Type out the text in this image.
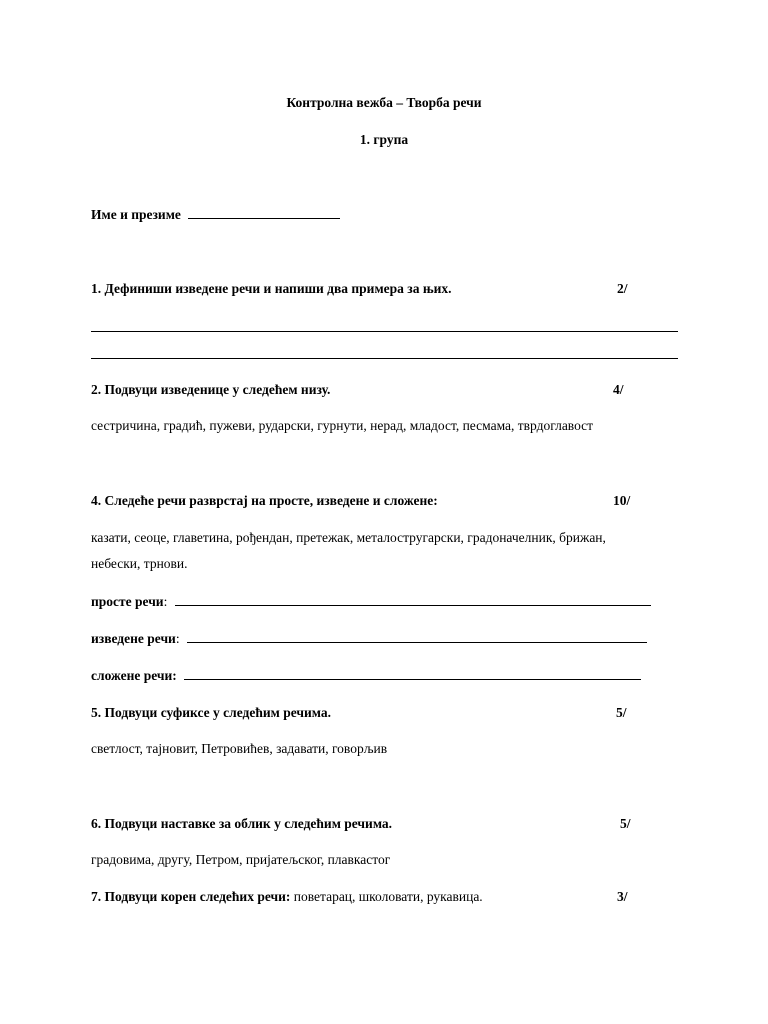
Контролна вежба – Творба речи
1. група
Име и презиме
1. Дефиниши изведене речи и напиши два примера за њих.	2/
2. Подвуци изведенице у следећем низу.	4/
сестричина, градић, пужеви, рударски, гурнути, нерад, младост, песмама, тврдоглавост
4. Следеће речи разврстај на просте, изведене и сложене:	10/
казати, сеоце, главетина, рођендан, претежак, металостругарски, градоначелник, брижан,
небески, трнови.
просте речи:
изведене речи:
сложене речи:
5. Подвуци суфиксе у следећим речима.	5/
светлост, тајновит, Петровићев, задавати, говорљив
6. Подвуци наставке за облик у следећим речима.	5/
градовима, другу, Петром, пријатељског, плавкастог
7. Подвуци корен следећих речи: поветарац, школовати, рукавица.	3/
